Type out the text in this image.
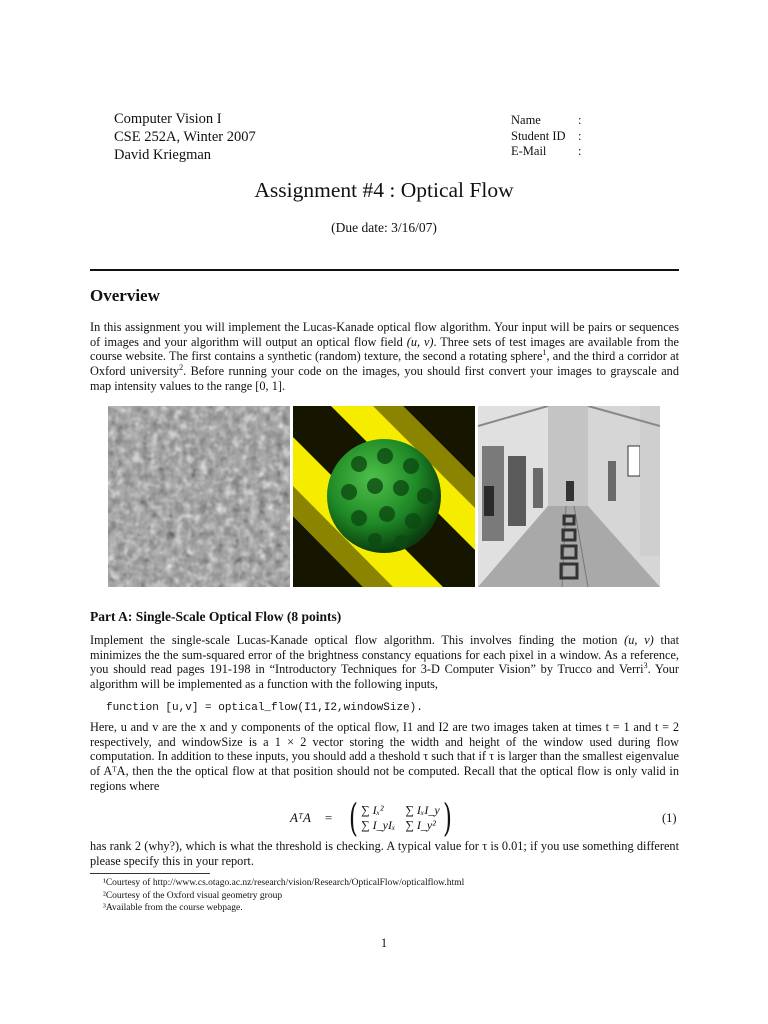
Computer Vision I
CSE 252A, Winter 2007
David Kriegman
Name	:
Student ID :
E-Mail	:
Assignment #4 : Optical Flow
(Due date: 3/16/07)
Overview
In this assignment you will implement the Lucas-Kanade optical flow algorithm. Your input will be pairs or sequences of images and your algorithm will output an optical flow field (u, v). Three sets of test images are available from the course website. The first contains a synthetic (random) texture, the second a rotating sphere$^1$, and the third a corridor at Oxford university$^2$. Before running your code on the images, you should first convert your images to grayscale and map intensity values to the range [0, 1].
Part A: Single-Scale Optical Flow (8 points)
Implement the single-scale Lucas-Kanade optical flow algorithm. This involves finding the motion (u, v) that minimizes the the sum-squared error of the brightness constancy equations for each pixel in a window. As a reference, you should read pages 191-198 in “Introductory Techniques for 3-D Computer Vision” by Trucco and Verri$^3$. Your algorithm will be implemented as a function with the following inputs,
function [u,v] = optical_flow(I1,I2,windowSize).
Here, u and v are the x and y components of the optical flow, I1 and I2 are two images taken at times t = 1 and t = 2 respectively, and windowSize is a 1 × 2 vector storing the width and height of the window used during flow computation. In addition to these inputs, you should add a theshold τ such that if τ is larger than the smallest eigenvalue of AᵀA, then the the optical flow at that position should not be computed. Recall that the optical flow is only valid in regions where
AᵀA = ( ∑ Iₓ²	∑ IₓI_y
∑ I_yIₓ ∑ I_y² )	(1)
has rank 2 (why?), which is what the threshold is checking. A typical value for τ is 0.01; if you use something different please specify this in your report.
¹Courtesy of http://www.cs.otago.ac.nz/research/vision/Research/OpticalFlow/opticalflow.html
²Courtesy of the Oxford visual geometry group
³Available from the course webpage.
1
